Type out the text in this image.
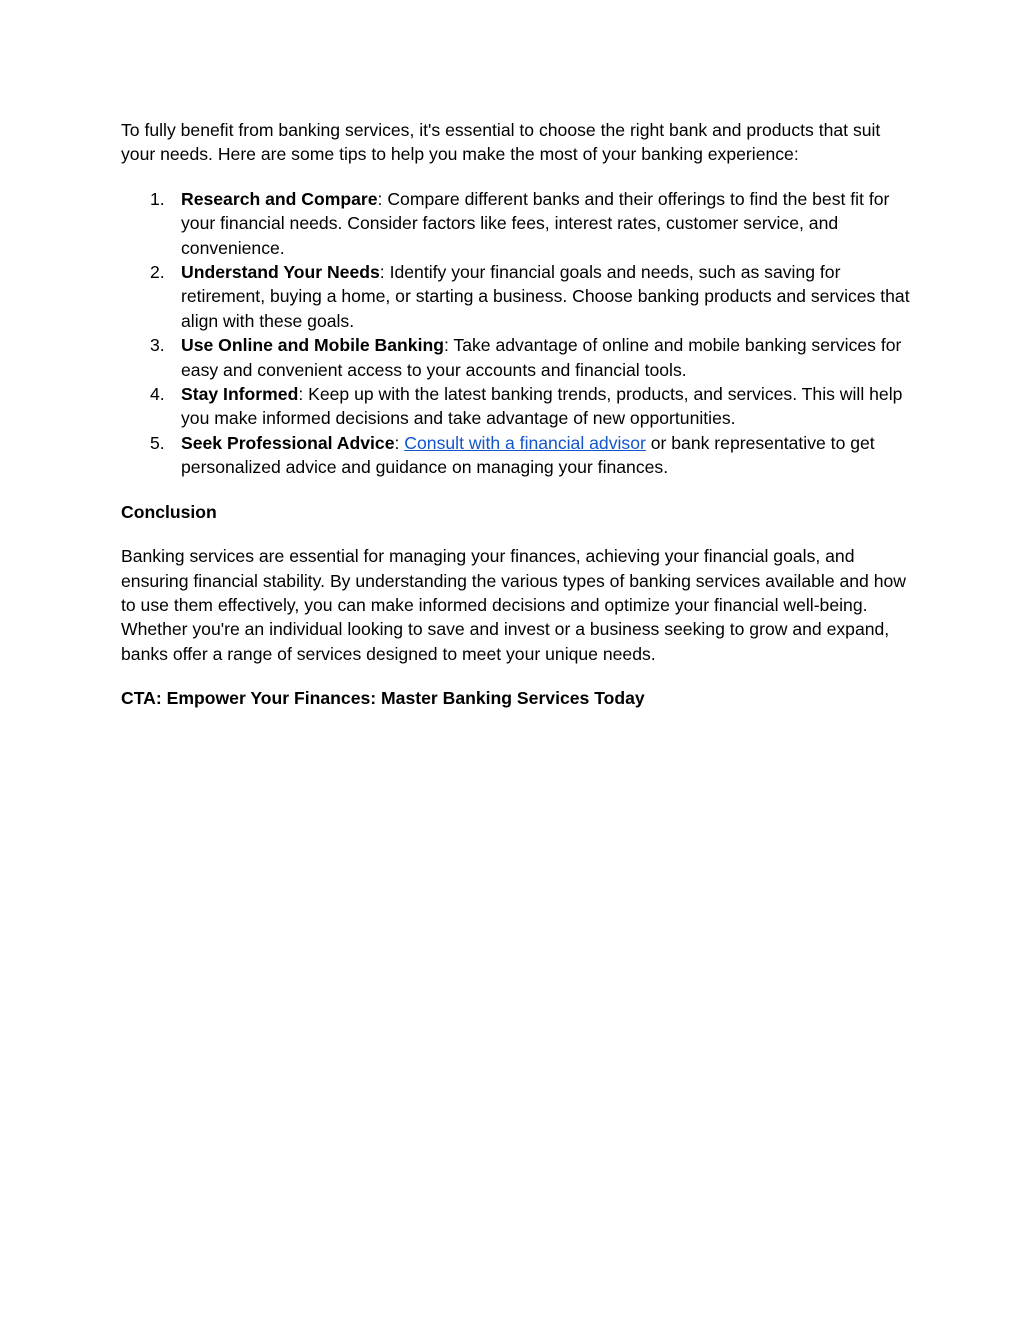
To fully benefit from banking services, it's essential to choose the right bank and products that suit your needs. Here are some tips to help you make the most of your banking experience:

1. Research and Compare: Compare different banks and their offerings to find the best fit for your financial needs. Consider factors like fees, interest rates, customer service, and convenience.
2. Understand Your Needs: Identify your financial goals and needs, such as saving for retirement, buying a home, or starting a business. Choose banking products and services that align with these goals.
3. Use Online and Mobile Banking: Take advantage of online and mobile banking services for easy and convenient access to your accounts and financial tools.
4. Stay Informed: Keep up with the latest banking trends, products, and services. This will help you make informed decisions and take advantage of new opportunities.
5. Seek Professional Advice: Consult with a financial advisor or bank representative to get personalized advice and guidance on managing your finances.

Conclusion

Banking services are essential for managing your finances, achieving your financial goals, and ensuring financial stability. By understanding the various types of banking services available and how to use them effectively, you can make informed decisions and optimize your financial well-being. Whether you're an individual looking to save and invest or a business seeking to grow and expand, banks offer a range of services designed to meet your unique needs.

CTA: Empower Your Finances: Master Banking Services Today
